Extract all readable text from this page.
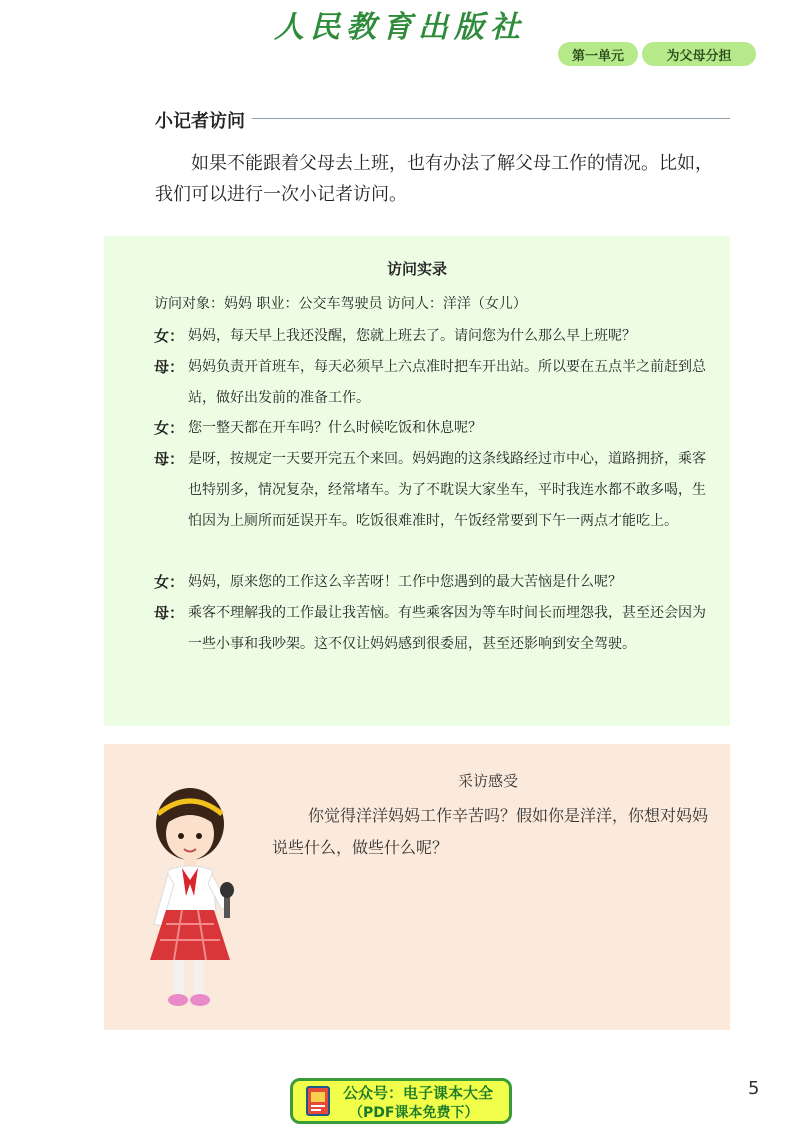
人民教育出版社
第一单元	为父母分担
小记者访问
如果不能跟着父母去上班，也有办法了解父母工作的情况。比如，我们可以进行一次小记者访问。
访问实录
访问对象：妈妈 职业：公交车驾驶员 访问人：洋洋（女儿）
女： 妈妈，每天早上我还没醒，您就上班去了。请问您为什么那么早上班呢？
母： 妈妈负责开首班车，每天必须早上六点准时把车开出站。所以要在五点半之前赶到总站，做好出发前的准备工作。
女： 您一整天都在开车吗？什么时候吃饭和休息呢？
母： 是呀，按规定一天要开完五个来回。妈妈跑的这条线路经过市中心，道路拥挤，乘客也特别多，情况复杂，经常堵车。为了不耽误大家坐车，平时我连水都不敢多喝，生怕因为上厕所而延误开车。吃饭很难准时，午饭经常要到下午一两点才能吃上。
女： 妈妈，原来您的工作这么辛苦呀！工作中您遇到的最大苦恼是什么呢？
母： 乘客不理解我的工作最让我苦恼。有些乘客因为等车时间长而埋怨我，甚至还会因为一些小事和我吵架。这不仅让妈妈感到很委屈，甚至还影响到安全驾驶。
采访感受
你觉得洋洋妈妈工作辛苦吗？假如你是洋洋，你想对妈妈说些什么，做些什么呢？
公众号：电子课本大全
（PDF课本免费下）
5
